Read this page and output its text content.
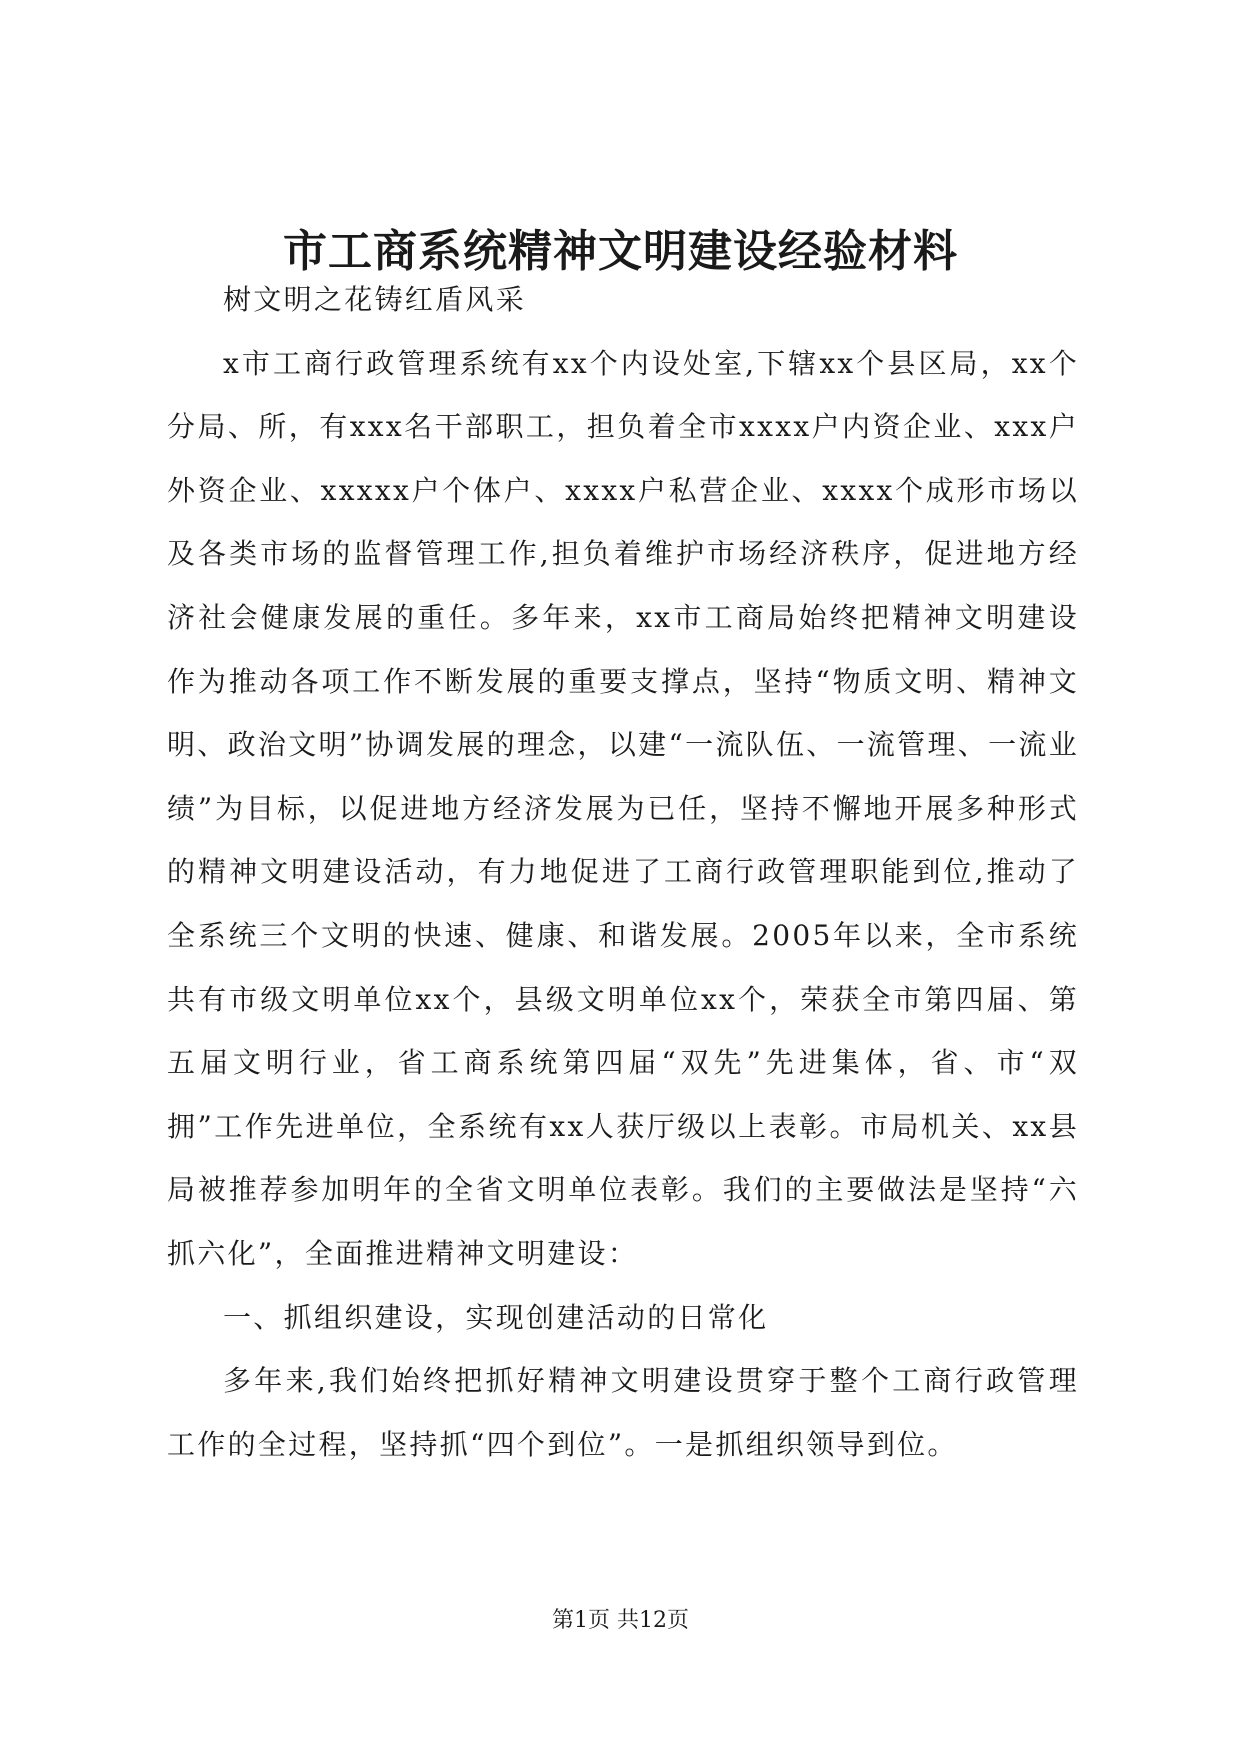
市工商系统精神文明建设经验材料

树文明之花铸红盾风采

x市工商行政管理系统有xx个内设处室,下辖xx个县区局，xx个分局、所，有xxx名干部职工，担负着全市xxxx户内资企业、xxx户外资企业、xxxxx户个体户、xxxx户私营企业、xxxx个成形市场以及各类市场的监督管理工作,担负着维护市场经济秩序，促进地方经济社会健康发展的重任。多年来，xx市工商局始终把精神文明建设作为推动各项工作不断发展的重要支撑点，坚持“物质文明、精神文明、政治文明”协调发展的理念，以建“一流队伍、一流管理、一流业绩”为目标，以促进地方经济发展为已任，坚持不懈地开展多种形式的精神文明建设活动，有力地促进了工商行政管理职能到位,推动了全系统三个文明的快速、健康、和谐发展。2005年以来，全市系统共有市级文明单位xx个，县级文明单位xx个，荣获全市第四届、第五届文明行业，省工商系统第四届“双先”先进集体，省、市“双拥”工作先进单位，全系统有xx人获厅级以上表彰。市局机关、xx县局被推荐参加明年的全省文明单位表彰。我们的主要做法是坚持“六抓六化”，全面推进精神文明建设：

一、抓组织建设，实现创建活动的日常化

多年来,我们始终把抓好精神文明建设贯穿于整个工商行政管理工作的全过程，坚持抓“四个到位”。一是抓组织领导到位。

第1页 共12页
